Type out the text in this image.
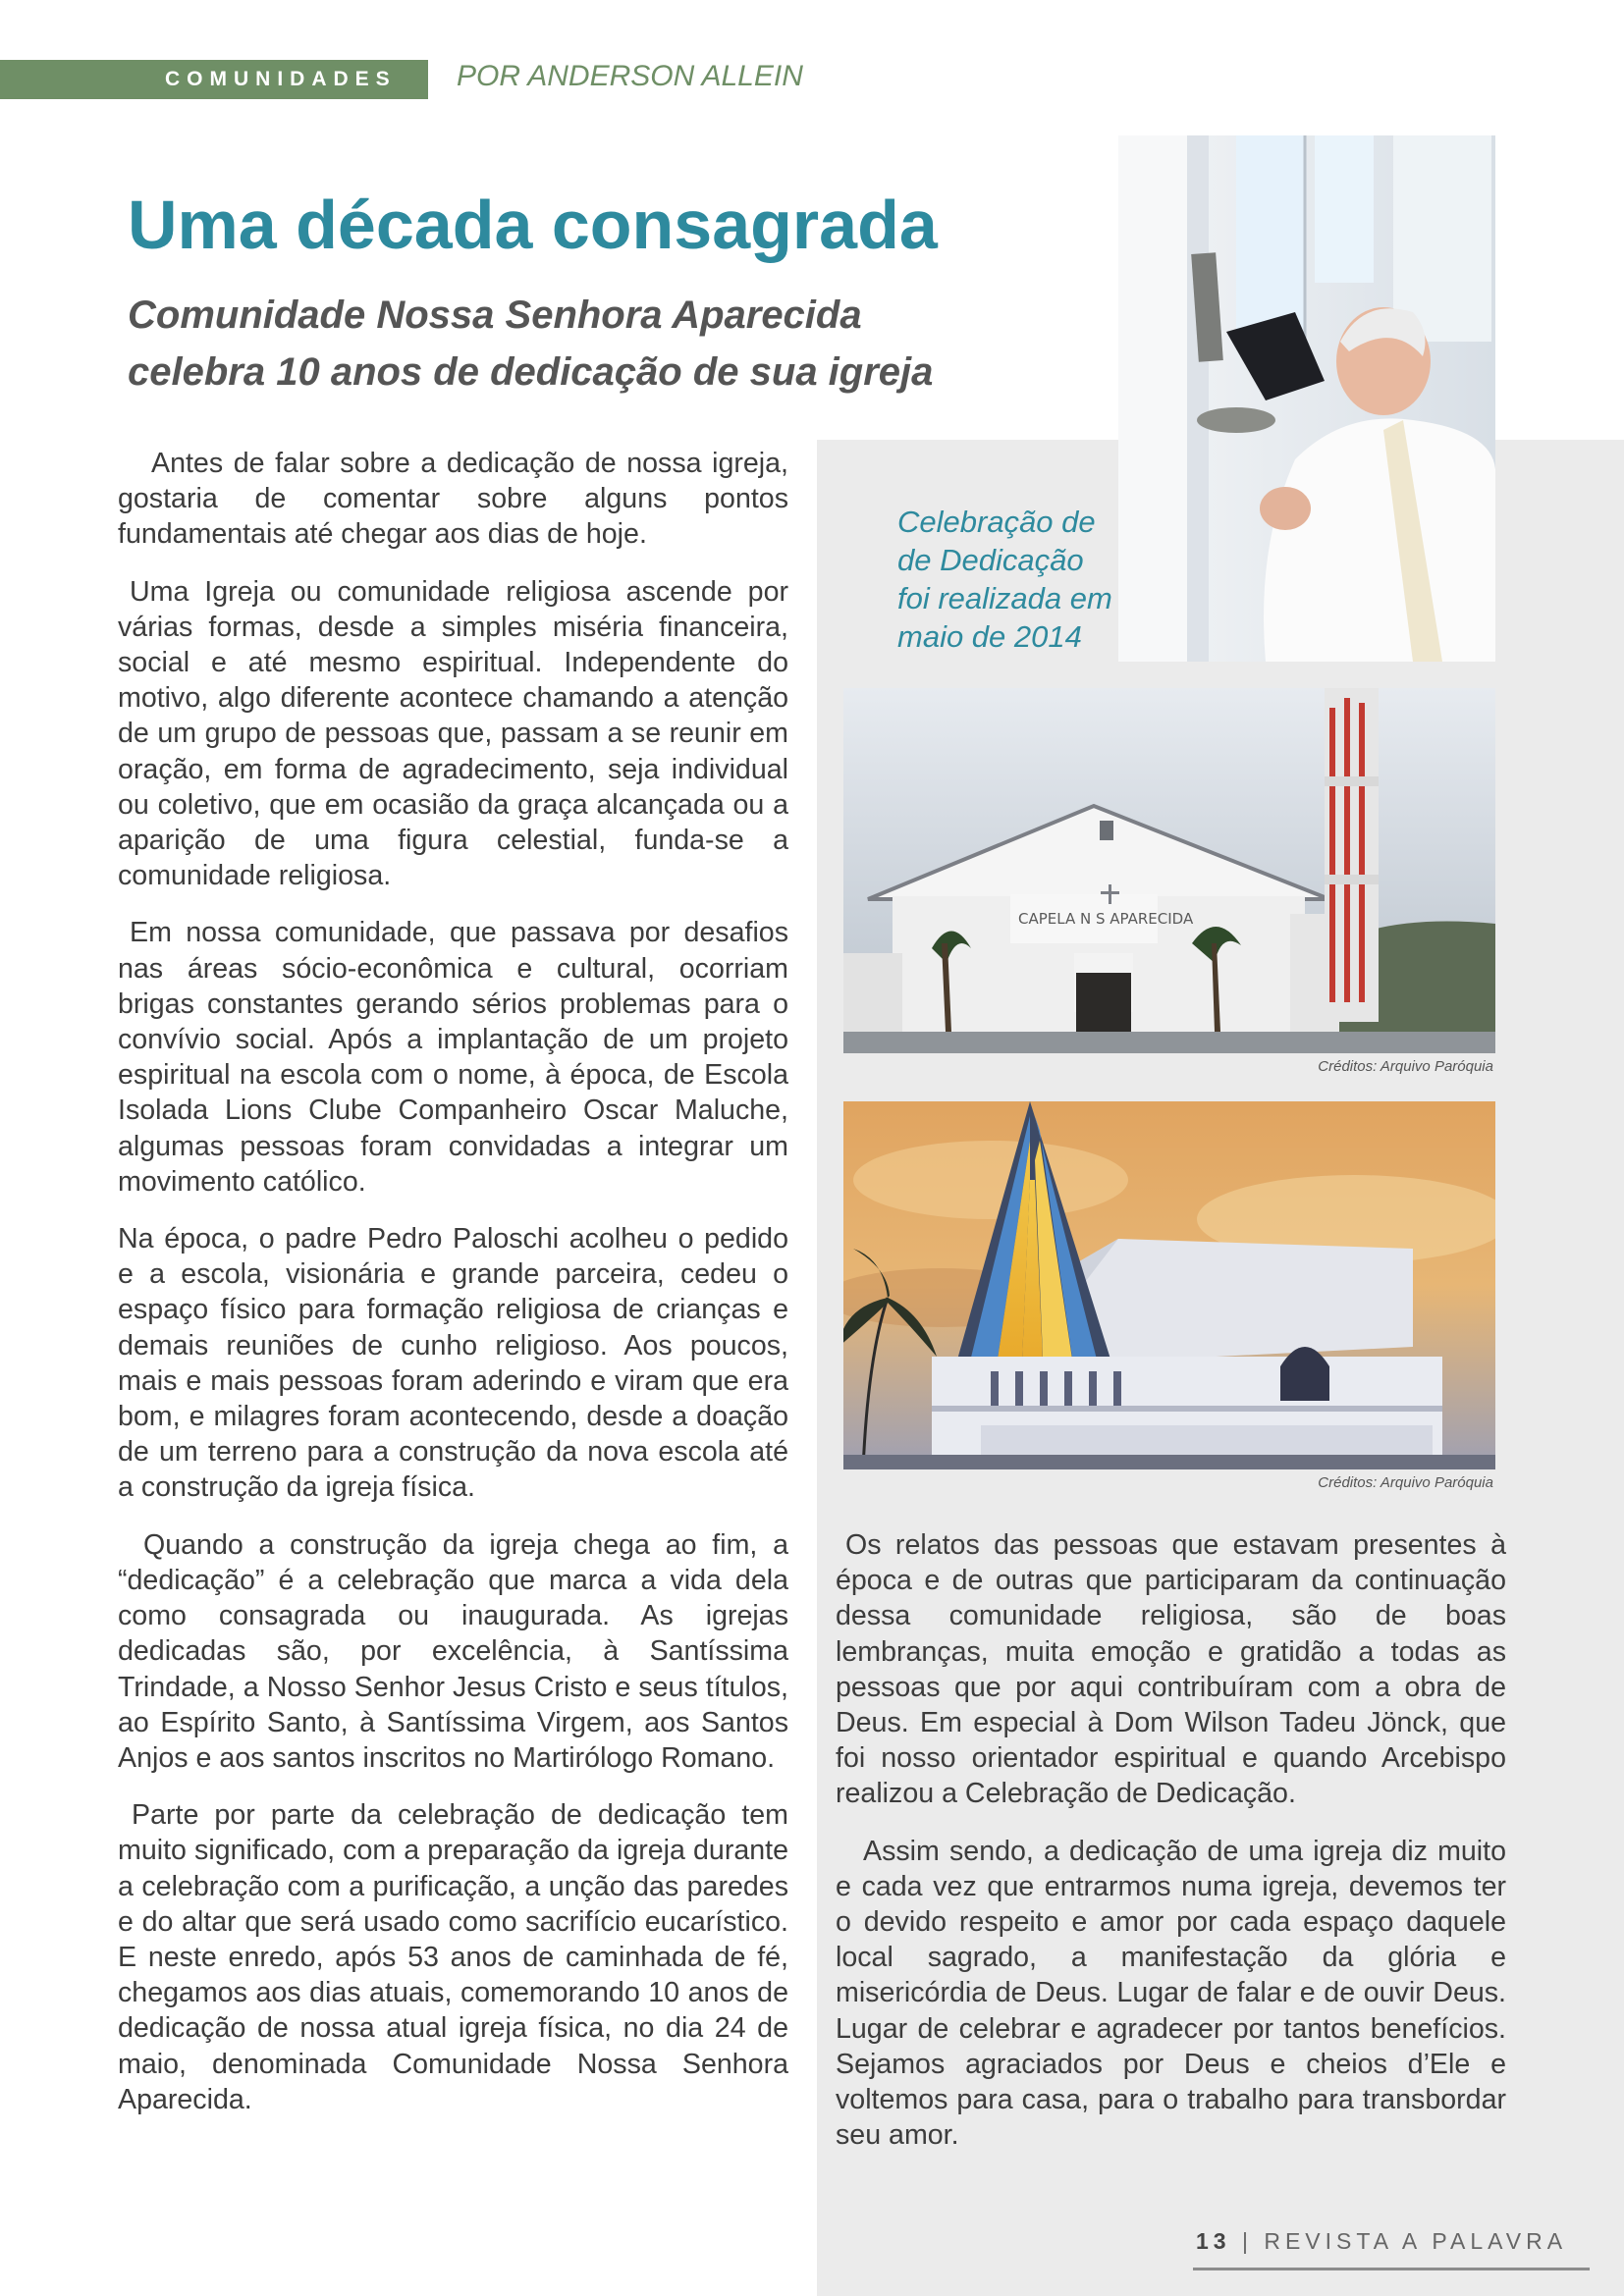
COMUNIDADES POR ANDERSON ALLEIN
Uma década consagrada
Comunidade Nossa Senhora Aparecida celebra 10 anos de dedicação de sua igreja

Antes de falar sobre a dedicação de nossa igreja, gostaria de comentar sobre alguns pontos fundamentais até chegar aos dias de hoje.

Uma Igreja ou comunidade religiosa ascende por várias formas, desde a simples miséria financeira, social e até mesmo espiritual. Independente do motivo, algo diferente acontece chamando a atenção de um grupo de pessoas que, passam a se reunir em oração, em forma de agradecimento, seja individual ou coletivo, que em ocasião da graça alcançada ou a aparição de uma figura celestial, funda-se a comunidade religiosa.

Em nossa comunidade, que passava por desafios nas áreas sócio-econômica e cultural, ocorriam brigas constantes gerando sérios problemas para o convívio social. Após a implantação de um projeto espiritual na escola com o nome, à época, de Escola Isolada Lions Clube Companheiro Oscar Maluche, algumas pessoas foram convidadas a integrar um movimento católico.

Na época, o padre Pedro Paloschi acolheu o pedido e a escola, visionária e grande parceira, cedeu o espaço físico para formação religiosa de crianças e demais reuniões de cunho religioso. Aos poucos, mais e mais pessoas foram aderindo e viram que era bom, e milagres foram acontecendo, desde a doação de um terreno para a construção da nova escola até a construção da igreja física.

Quando a construção da igreja chega ao fim, a “dedicação” é a celebração que marca a vida dela como consagrada ou inaugurada. As igrejas dedicadas são, por excelência, à Santíssima Trindade, a Nosso Senhor Jesus Cristo e seus títulos, ao Espírito Santo, à Santíssima Virgem, aos Santos Anjos e aos santos inscritos no Martirólogo Romano.

Parte por parte da celebração de dedicação tem muito significado, com a preparação da igreja durante a celebração com a purificação, a unção das paredes e do altar que será usado como sacrifício eucarístico. E neste enredo, após 53 anos de caminhada de fé, chegamos aos dias atuais, comemorando 10 anos de dedicação de nossa atual igreja física, no dia 24 de maio, denominada Comunidade Nossa Senhora Aparecida.

Celebração de de Dedicação foi realizada em maio de 2014
CAPELA N S APARECIDA
Créditos: Arquivo Paróquia
Créditos: Arquivo Paróquia

Os relatos das pessoas que estavam presentes à época e de outras que participaram da continuação dessa comunidade religiosa, são de boas lembranças, muita emoção e gratidão a todas as pessoas que por aqui contribuíram com a obra de Deus. Em especial à Dom Wilson Tadeu Jönck, que foi nosso orientador espiritual e quando Arcebispo realizou a Celebração de Dedicação.

Assim sendo, a dedicação de uma igreja diz muito e cada vez que entrarmos numa igreja, devemos ter o devido respeito e amor por cada espaço daquele local sagrado, a manifestação da glória e misericórdia de Deus. Lugar de falar e de ouvir Deus. Lugar de celebrar e agradecer por tantos benefícios. Sejamos agraciados por Deus e cheios d’Ele e voltemos para casa, para o trabalho para transbordar seu amor.

13 | REVISTA A PALAVRA
